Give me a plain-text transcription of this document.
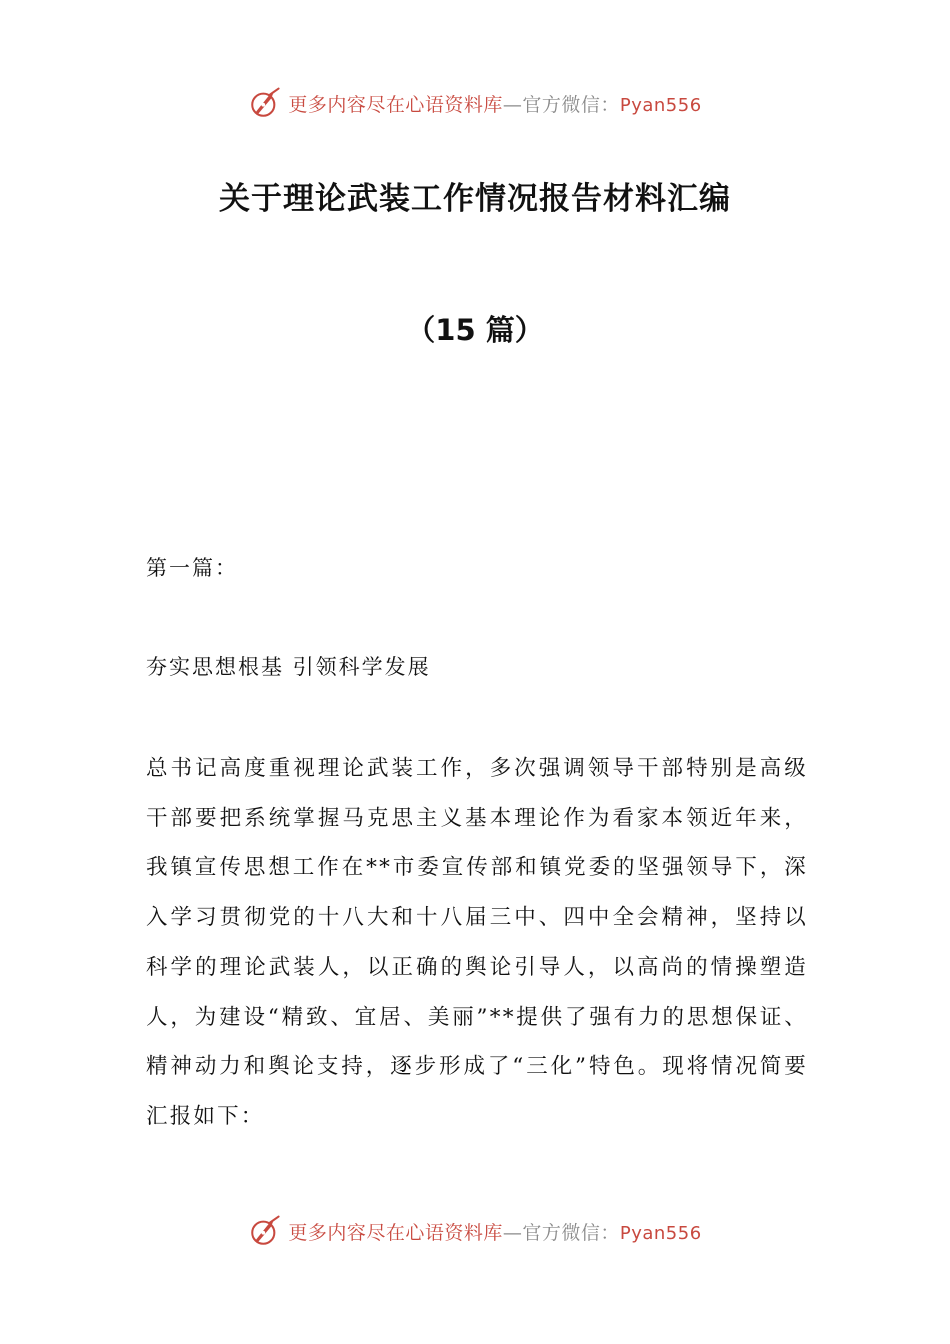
更多内容尽在心语资料库—官方微信：Pyan556
关于理论武装工作情况报告材料汇编
（15 篇）
第一篇：
夯实思想根基 引领科学发展

总书记高度重视理论武装工作，多次强调领导干部特别是高级干部要把系统掌握马克思主义基本理论作为看家本领近年来，我镇宣传思想工作在**市委宣传部和镇党委的坚强领导下，深入学习贯彻党的十八大和十八届三中、四中全会精神，坚持以科学的理论武装人，以正确的舆论引导人，以高尚的情操塑造人，为建设“精致、宜居、美丽”**提供了强有力的思想保证、精神动力和舆论支持，逐步形成了“三化”特色。现将情况简要汇报如下：

更多内容尽在心语资料库—官方微信：Pyan556
